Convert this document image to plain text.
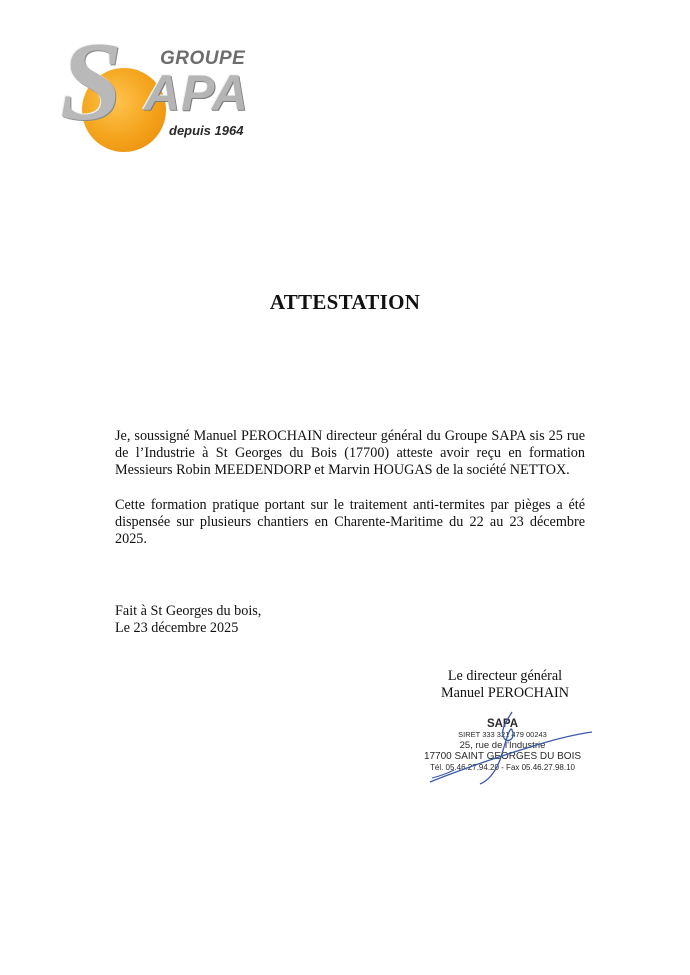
S GROUPE
APA
depuis 1964
ATTESTATION
Je, soussigné Manuel PEROCHAIN directeur général du Groupe SAPA sis 25 rue de l’Industrie à St Georges du Bois (17700) atteste avoir reçu en formation Messieurs Robin MEEDENDORP et Marvin HOUGAS de la société NETTOX.
Cette formation pratique portant sur le traitement anti-termites par pièges a été dispensée sur plusieurs chantiers en Charente-Maritime du 22 au 23 décembre 2025.
Fait à St Georges du bois,
Le 23 décembre 2025
Le directeur général
Manuel PEROCHAIN
SAPA
SIRET 333 321 479 00243
25, rue de l'Industrie
17700 SAINT GEORGES DU BOIS
Tél. 05.46.27.94.20 - Fax 05.46.27.98.10
